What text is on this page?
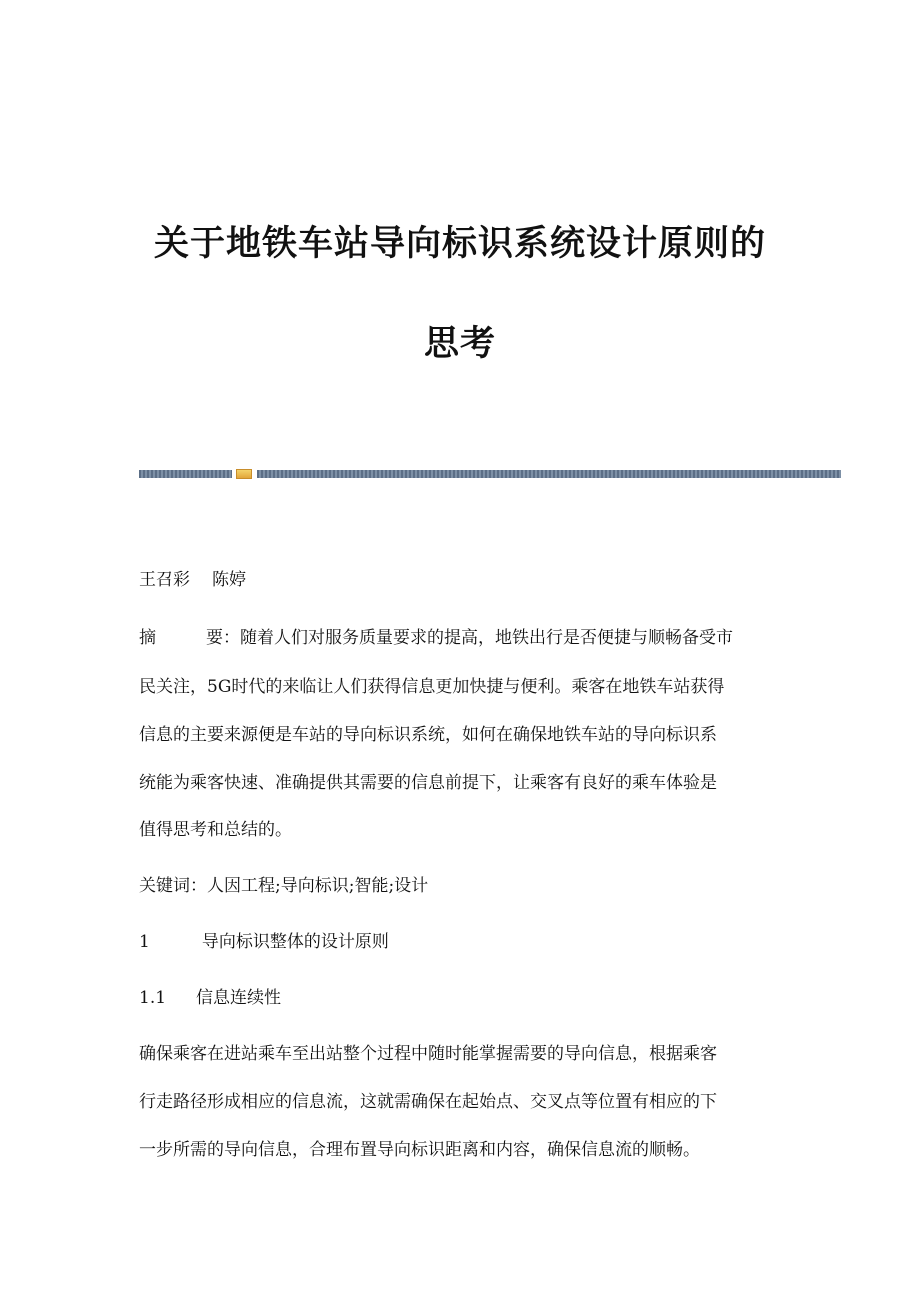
关于地铁车站导向标识系统设计原则的
思考
王召彩 陈婷
摘	要：随着人们对服务质量要求的提高，地铁出行是否便捷与顺畅备受市
民关注，5G时代的来临让人们获得信息更加快捷与便利。乘客在地铁车站获得
信息的主要来源便是车站的导向标识系统，如何在确保地铁车站的导向标识系
统能为乘客快速、准确提供其需要的信息前提下，让乘客有良好的乘车体验是
值得思考和总结的。
关键词：人因工程;导向标识;智能;设计
1	导向标识整体的设计原则
1.1 信息连续性
确保乘客在进站乘车至出站整个过程中随时能掌握需要的导向信息，根据乘客
行走路径形成相应的信息流，这就需确保在起始点、交叉点等位置有相应的下
一步所需的导向信息，合理布置导向标识距离和内容，确保信息流的顺畅。
